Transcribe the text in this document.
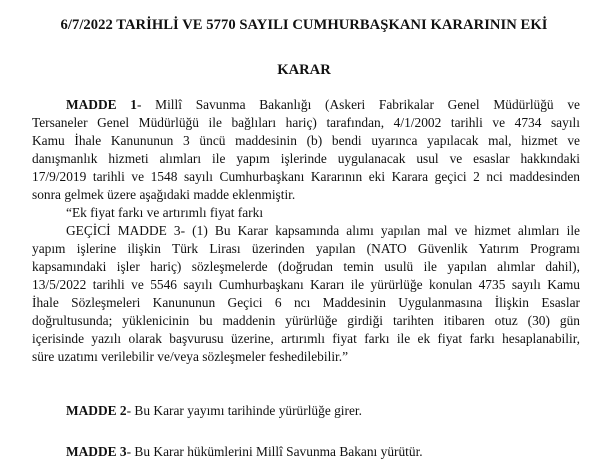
6/7/2022 TARİHLİ VE 5770 SAYILI CUMHURBAŞKANI KARARININ EKİ
KARAR
MADDE 1- Millî Savunma Bakanlığı (Askeri Fabrikalar Genel Müdürlüğü ve
Tersaneler Genel Müdürlüğü ile bağlıları hariç) tarafından, 4/1/2002 tarihli ve 4734 sayılı
Kamu İhale Kanununun 3 üncü maddesinin (b) bendi uyarınca yapılacak mal, hizmet ve
danışmanlık hizmeti alımları ile yapım işlerinde uygulanacak usul ve esaslar hakkındaki
17/9/2019 tarihli ve 1548 sayılı Cumhurbaşkanı Kararının eki Karara geçici 2 nci maddesinden
sonra gelmek üzere aşağıdaki madde eklenmiştir.
“Ek fiyat farkı ve artırımlı fiyat farkı
GEÇİCİ MADDE 3- (1) Bu Karar kapsamında alımı yapılan mal ve hizmet alımları ile
yapım işlerine ilişkin Türk Lirası üzerinden yapılan (NATO Güvenlik Yatırım Programı
kapsamındaki işler hariç) sözleşmelerde (doğrudan temin usulü ile yapılan alımlar dahil),
13/5/2022 tarihli ve 5546 sayılı Cumhurbaşkanı Kararı ile yürürlüğe konulan 4735 sayılı Kamu
İhale Sözleşmeleri Kanununun Geçici 6 ncı Maddesinin Uygulanmasına İlişkin Esaslar
doğrultusunda; yüklenicinin bu maddenin yürürlüğe girdiği tarihten itibaren otuz (30) gün
içerisinde yazılı olarak başvurusu üzerine, artırımlı fiyat farkı ile ek fiyat farkı hesaplanabilir,
süre uzatımı verilebilir ve/veya sözleşmeler feshedilebilir.”
MADDE 2- Bu Karar yayımı tarihinde yürürlüğe girer.
MADDE 3- Bu Karar hükümlerini Millî Savunma Bakanı yürütür.
